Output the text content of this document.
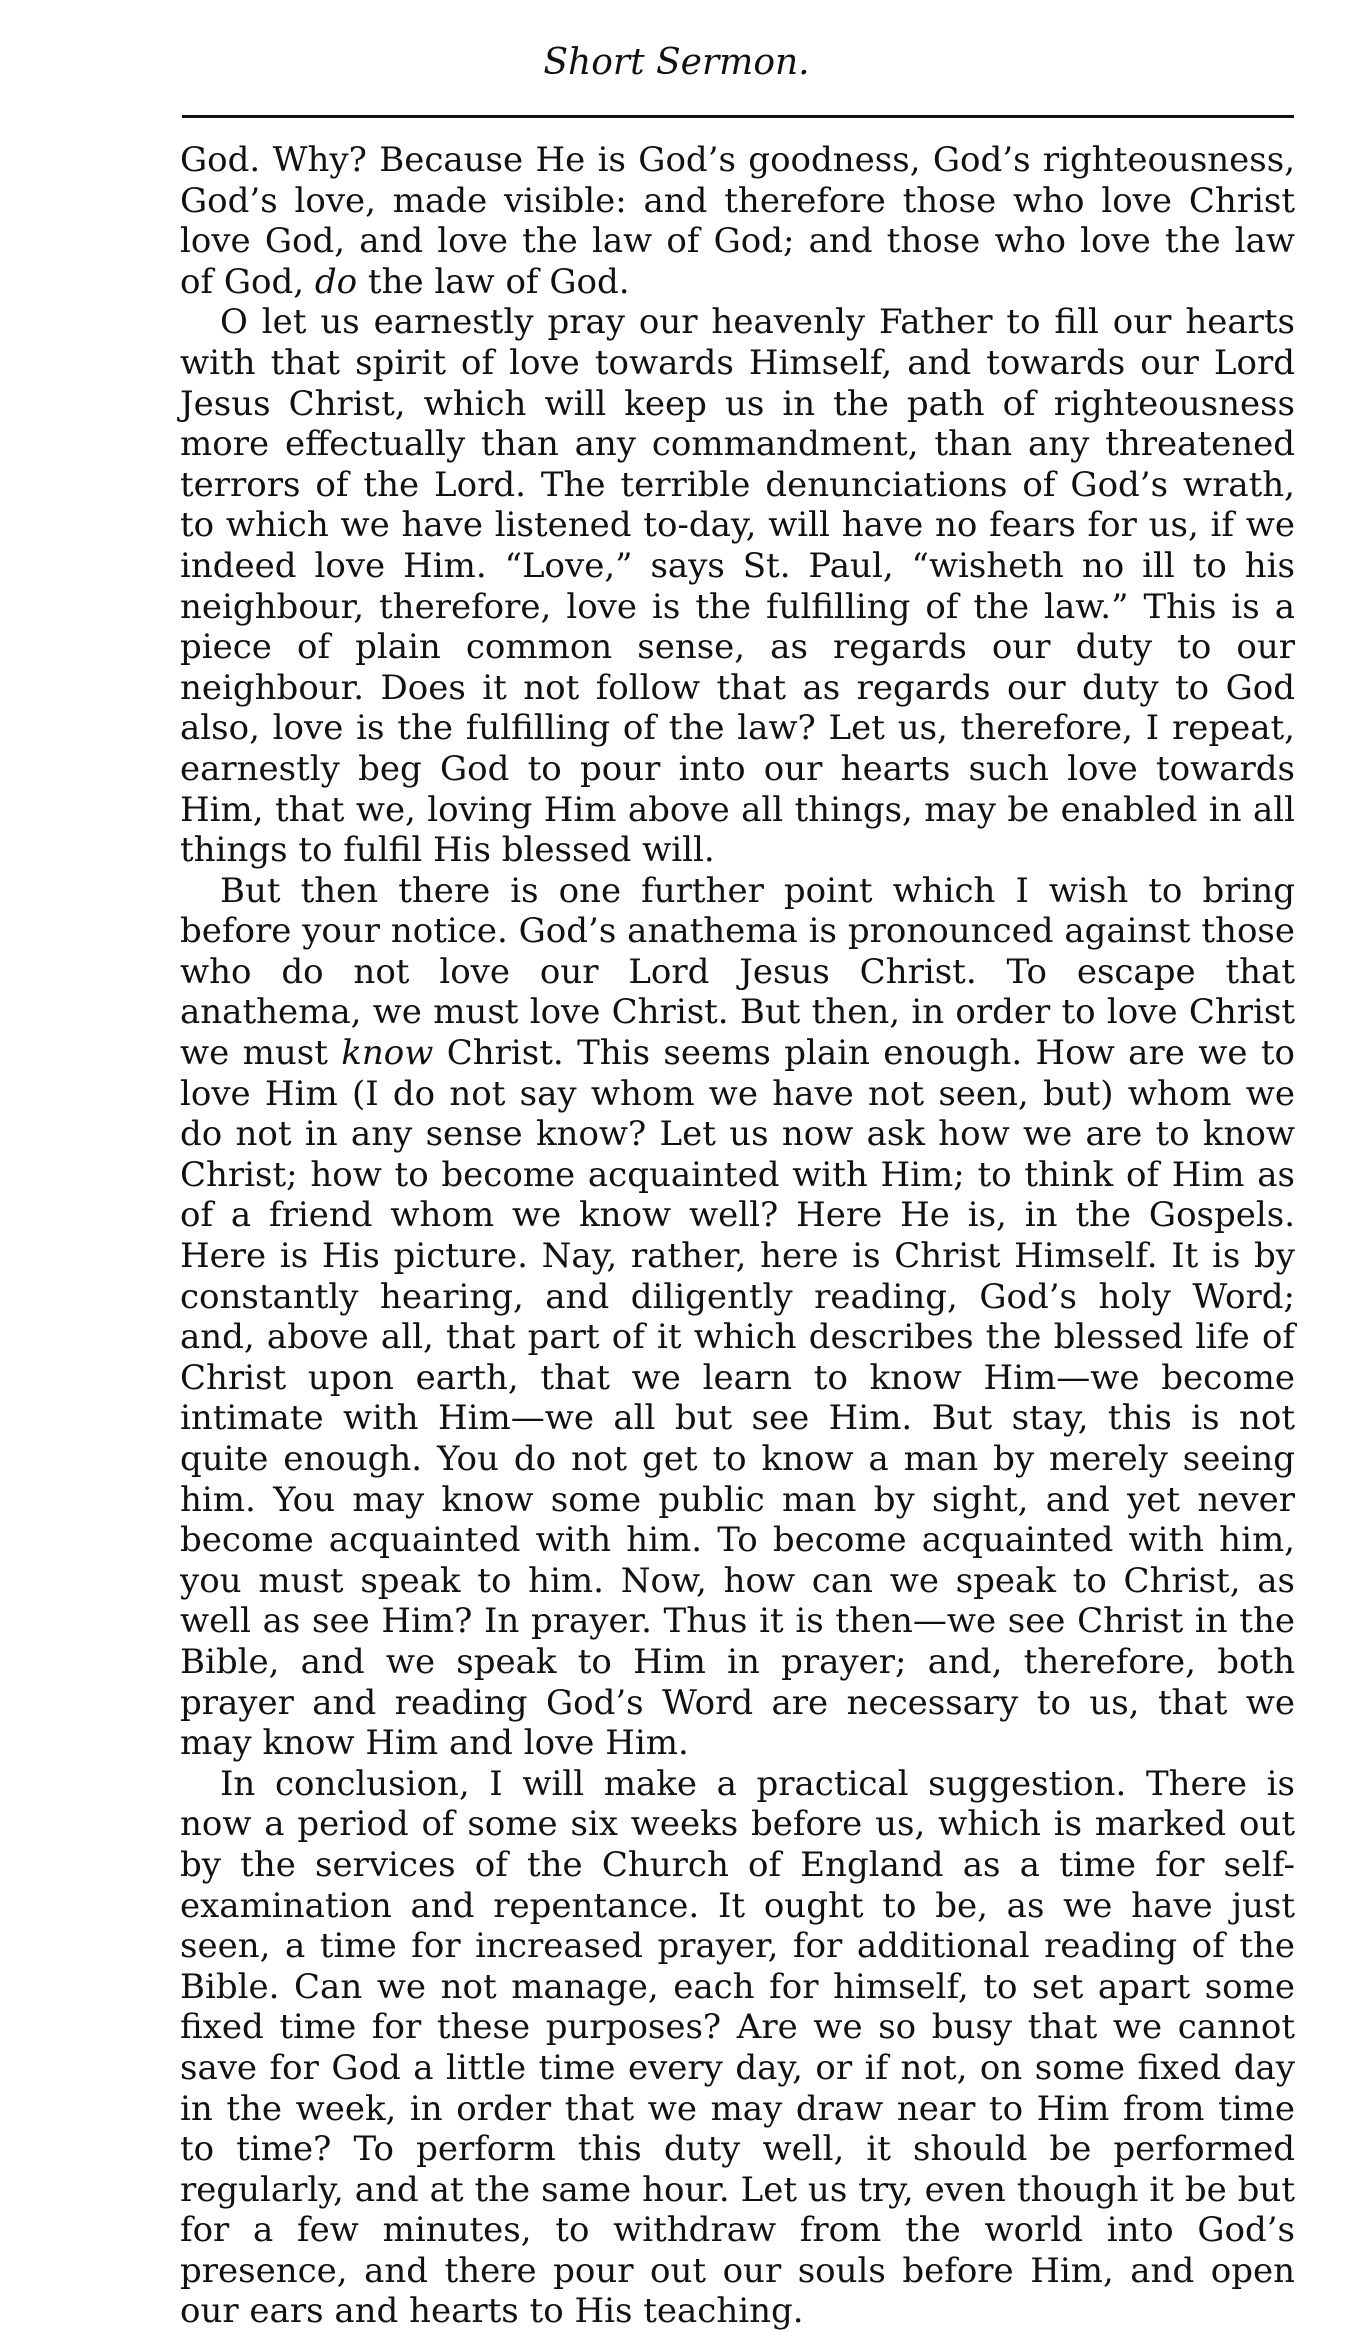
Short Sermon.

God. Why? Because He is God’s goodness, God’s righteousness, God’s love, made visible: and therefore those who love Christ love God, and love the law of God; and those who love the law of God, do the law of God.

O let us earnestly pray our heavenly Father to fill our hearts with that spirit of love towards Himself, and towards our Lord Jesus Christ, which will keep us in the path of righteousness more effectually than any commandment, than any threatened terrors of the Lord. The terrible denunciations of God’s wrath, to which we have listened to-day, will have no fears for us, if we indeed love Him. “Love,” says St. Paul, “wisheth no ill to his neighbour, therefore, love is the fulfilling of the law.” This is a piece of plain common sense, as regards our duty to our neighbour. Does it not follow that as regards our duty to God also, love is the fulfilling of the law? Let us, therefore, I repeat, earnestly beg God to pour into our hearts such love towards Him, that we, loving Him above all things, may be enabled in all things to fulfil His blessed will.

But then there is one further point which I wish to bring before your notice. God’s anathema is pronounced against those who do not love our Lord Jesus Christ. To escape that anathema, we must love Christ. But then, in order to love Christ we must know Christ. This seems plain enough. How are we to love Him (I do not say whom we have not seen, but) whom we do not in any sense know? Let us now ask how we are to know Christ; how to become acquainted with Him; to think of Him as of a friend whom we know well? Here He is, in the Gospels. Here is His picture. Nay, rather, here is Christ Himself. It is by constantly hearing, and diligently reading, God’s holy Word; and, above all, that part of it which describes the blessed life of Christ upon earth, that we learn to know Him—we become intimate with Him—we all but see Him. But stay, this is not quite enough. You do not get to know a man by merely seeing him. You may know some public man by sight, and yet never become acquainted with him. To become acquainted with him, you must speak to him. Now, how can we speak to Christ, as well as see Him? In prayer. Thus it is then—we see Christ in the Bible, and we speak to Him in prayer; and, therefore, both prayer and reading God’s Word are necessary to us, that we may know Him and love Him.

In conclusion, I will make a practical suggestion. There is now a period of some six weeks before us, which is marked out by the services of the Church of England as a time for self-examination and repentance. It ought to be, as we have just seen, a time for increased prayer, for additional reading of the Bible. Can we not manage, each for himself, to set apart some fixed time for these purposes? Are we so busy that we cannot save for God a little time every day, or if not, on some fixed day in the week, in order that we may draw near to Him from time to time? To perform this duty well, it should be performed regularly, and at the same hour. Let us try, even though it be but for a few minutes, to withdraw from the world into God’s presence, and there pour out our souls before Him, and open our ears and hearts to His teaching.
